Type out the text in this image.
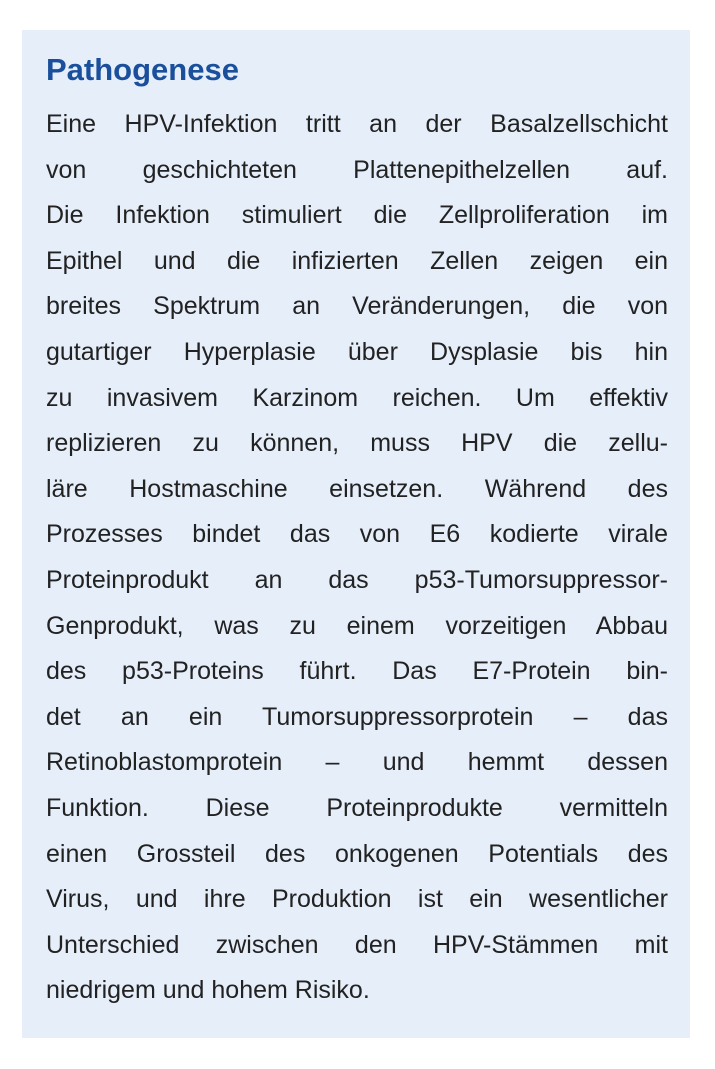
Pathogenese
Eine HPV-Infektion tritt an der Basalzellschicht
von geschichteten Plattenepithelzellen auf.
Die Infektion stimuliert die Zellproliferation im
Epithel und die infizierten Zellen zeigen ein
breites Spektrum an Veränderungen, die von
gutartiger Hyperplasie über Dysplasie bis hin
zu invasivem Karzinom reichen. Um effektiv
replizieren zu können, muss HPV die zellu-
läre Hostmaschine einsetzen. Während des
Prozesses bindet das von E6 kodierte virale
Proteinprodukt an das p53-Tumorsuppressor-
Genprodukt, was zu einem vorzeitigen Abbau
des p53-Proteins führt. Das E7-Protein bin-
det an ein Tumorsuppressorprotein – das
Retinoblastomprotein – und hemmt dessen
Funktion. Diese Proteinprodukte vermitteln
einen Grossteil des onkogenen Potentials des
Virus, und ihre Produktion ist ein wesentlicher
Unterschied zwischen den HPV-Stämmen mit
niedrigem und hohem Risiko.
